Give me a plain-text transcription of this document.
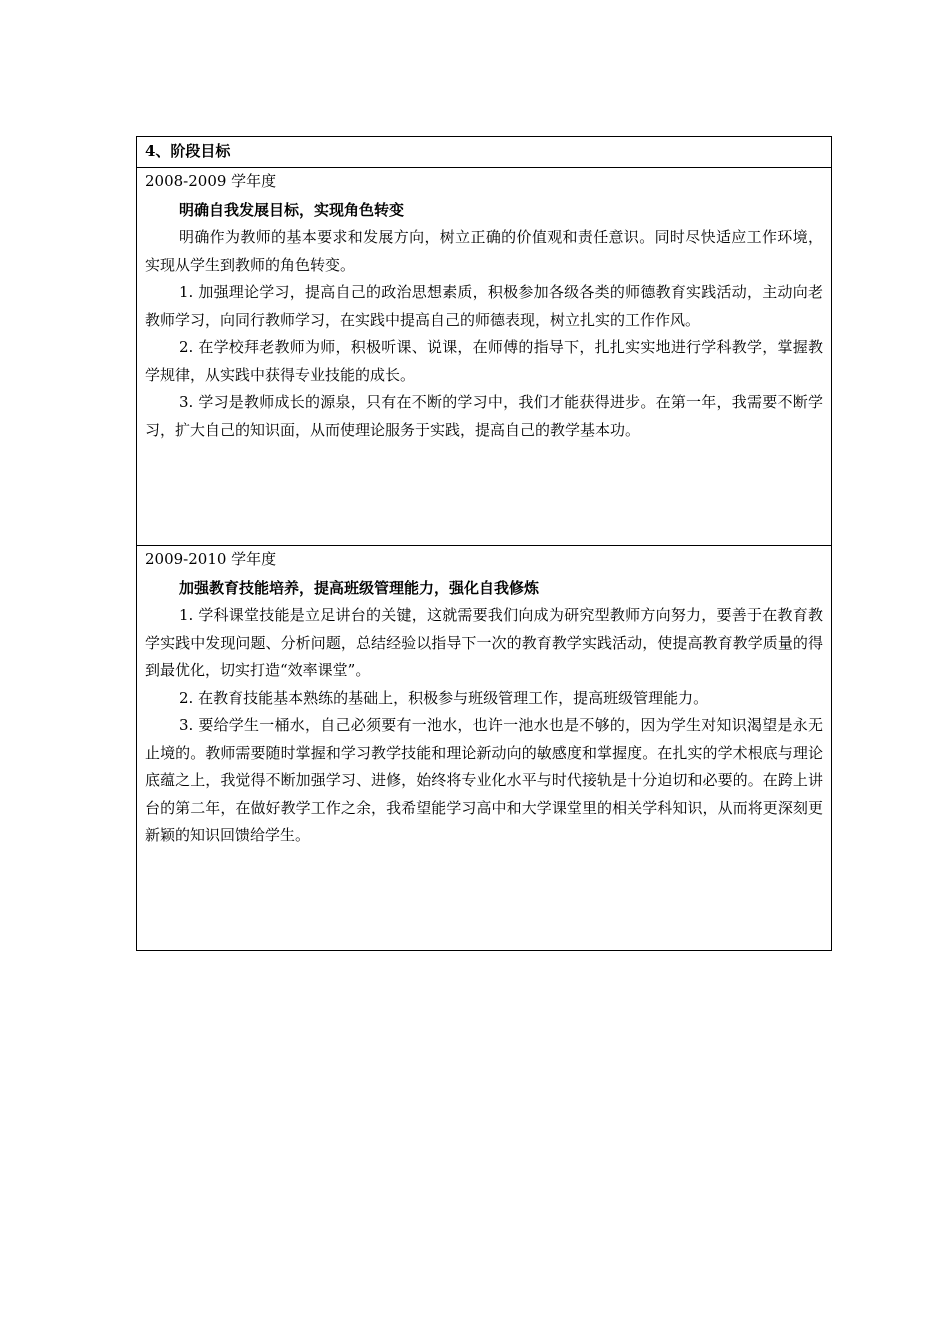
4、阶段目标
2008-2009 学年度
明确自我发展目标，实现角色转变

明确作为教师的基本要求和发展方向，树立正确的价值观和责任意识。同时尽快适应工作环境，实现从学生到教师的角色转变。

1. 加强理论学习，提高自己的政治思想素质，积极参加各级各类的师德教育实践活动，主动向老教师学习，向同行教师学习，在实践中提高自己的师德表现，树立扎实的工作作风。

2. 在学校拜老教师为师，积极听课、说课，在师傅的指导下，扎扎实实地进行学科教学，掌握教学规律，从实践中获得专业技能的成长。

3. 学习是教师成长的源泉，只有在不断的学习中，我们才能获得进步。在第一年，我需要不断学习，扩大自己的知识面，从而使理论服务于实践，提高自己的教学基本功。

2009-2010 学年度
加强教育技能培养，提高班级管理能力，强化自我修炼

1. 学科课堂技能是立足讲台的关键，这就需要我们向成为研究型教师方向努力，要善于在教育教学实践中发现问题、分析问题，总结经验以指导下一次的教育教学实践活动，使提高教育教学质量的得到最优化，切实打造“效率课堂”。

2. 在教育技能基本熟练的基础上，积极参与班级管理工作，提高班级管理能力。

3. 要给学生一桶水，自己必须要有一池水，也许一池水也是不够的，因为学生对知识渴望是永无止境的。教师需要随时掌握和学习教学技能和理论新动向的敏感度和掌握度。在扎实的学术根底与理论底蕴之上，我觉得不断加强学习、进修，始终将专业化水平与时代接轨是十分迫切和必要的。在跨上讲台的第二年，在做好教学工作之余，我希望能学习高中和大学课堂里的相关学科知识，从而将更深刻更新颖的知识回馈给学生。
